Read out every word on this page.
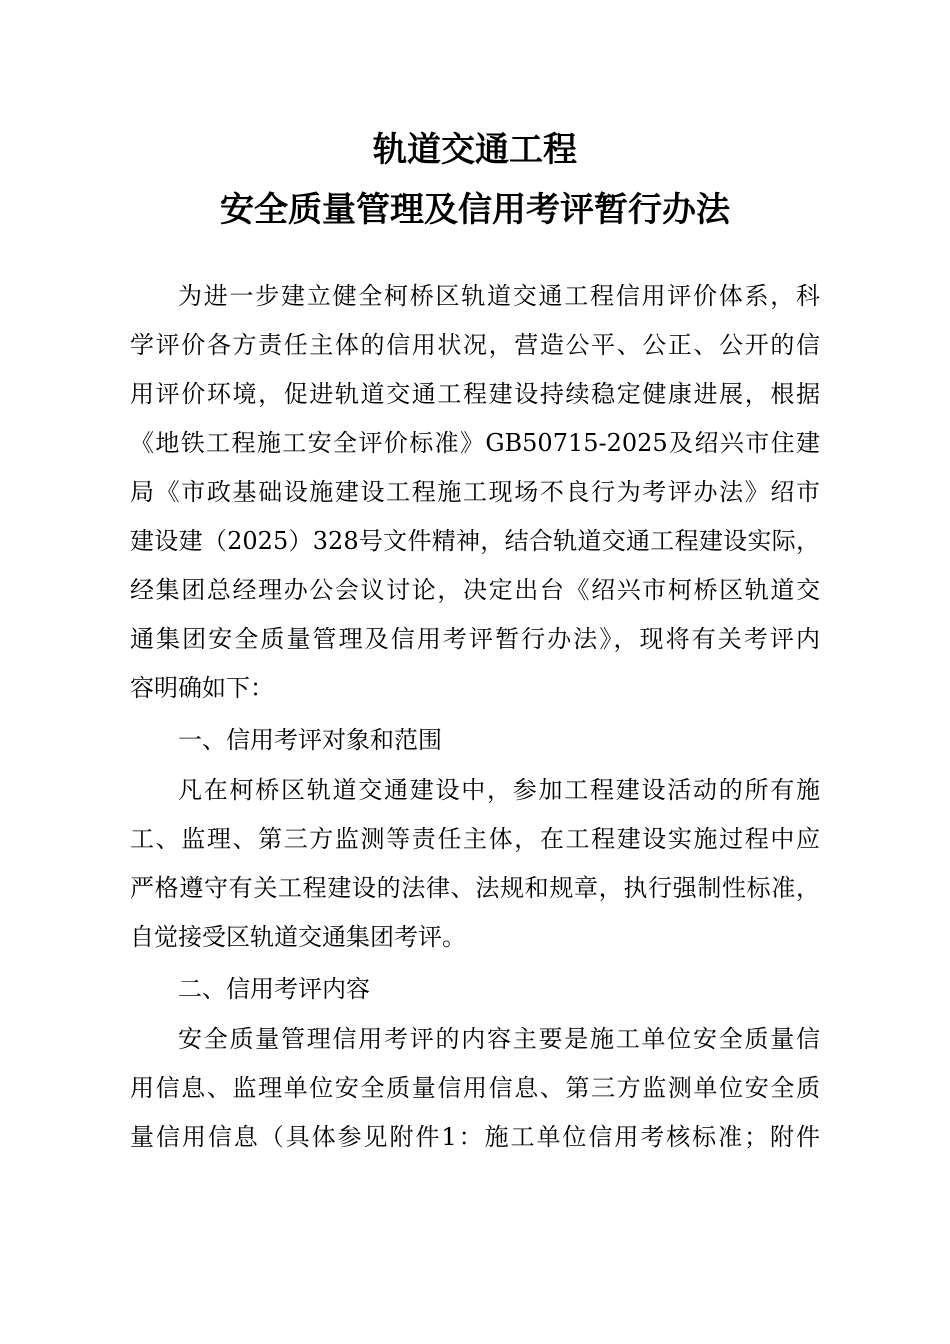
轨道交通工程
安全质量管理及信用考评暂行办法
为进一步建立健全柯桥区轨道交通工程信用评价体系，科
学评价各方责任主体的信用状况，营造公平、公正、公开的信
用评价环境，促进轨道交通工程建设持续稳定健康进展，根据
《地铁工程施工安全评价标准》GB50715-2025及绍兴市住建
局《市政基础设施建设工程施工现场不良行为考评办法》绍市
建设建（2025）328号文件精神，结合轨道交通工程建设实际，
经集团总经理办公会议讨论，决定出台《绍兴市柯桥区轨道交
通集团安全质量管理及信用考评暂行办法》，现将有关考评内
容明确如下：
一、信用考评对象和范围
凡在柯桥区轨道交通建设中，参加工程建设活动的所有施
工、监理、第三方监测等责任主体，在工程建设实施过程中应
严格遵守有关工程建设的法律、法规和规章，执行强制性标准，
自觉接受区轨道交通集团考评。
二、信用考评内容
安全质量管理信用考评的内容主要是施工单位安全质量信
用信息、监理单位安全质量信用信息、第三方监测单位安全质
量信用信息（具体参见附件1：施工单位信用考核标准；附件
